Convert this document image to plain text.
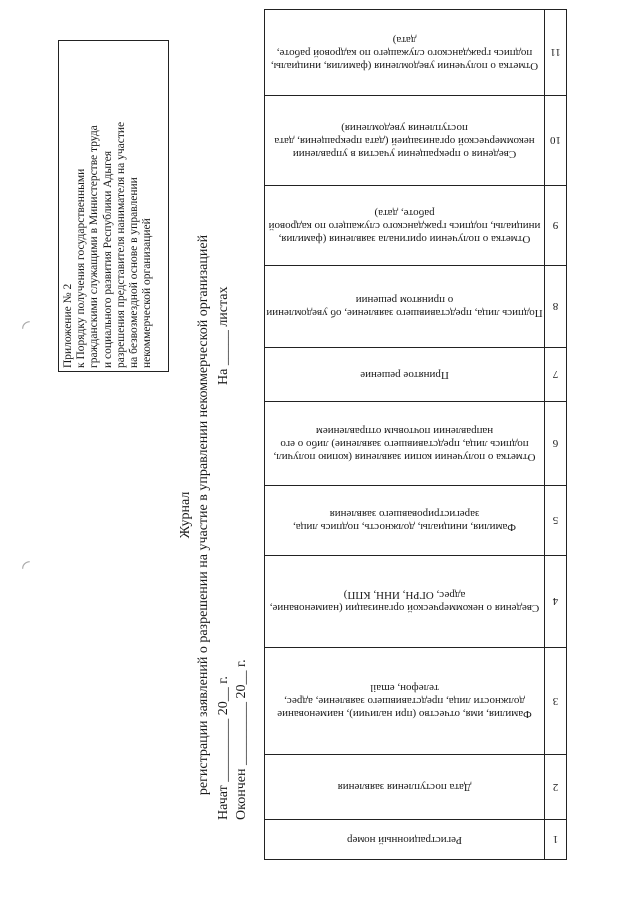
Приложение № 2 к Порядку получения государственными гражданскими служащими в Министерстве труда и социального развития Республики Адыгея разрешения представителя нанимателя на участие на безвозмездной основе в управлении некоммерческой организацией
Журнал регистрации заявлений о разрешении на участие в управлении некоммерческой организацией Начат _________ 20__ г. Окончен _________ 20__ г.
На _____ листах
1	Регистрационный номер
2	Дата поступления заявления
3	Фамилия, имя, отчество (при наличии), наименование должности лица, представившего заявление, адрес, телефон, email
4	Сведения о некоммерческой организации (наименование, адрес, ОГРН, ИНН, КПП)
5	Фамилия, инициалы, должность, подпись лица, зарегистрировавшего заявления
6	Отметка о получении копии заявления (копию получил, подпись лица, представившего заявление) либо о его направлении почтовым отправлением
7	Принятое решение
8	Подпись лица, представившего заявление, об уведомлении о принятом решении
9	Отметка о получении оригинала заявления (фамилия, инициалы, подпись гражданского служащего по кадровой работе, дата)
10	Сведения о прекращении участия в управлении некоммерческой организацией (дата прекращения, дата поступления уведомления)
11	Отметка о получении уведомления (фамилия, инициалы, подпись гражданского служащего по кадровой работе, дата)
◜
◜
